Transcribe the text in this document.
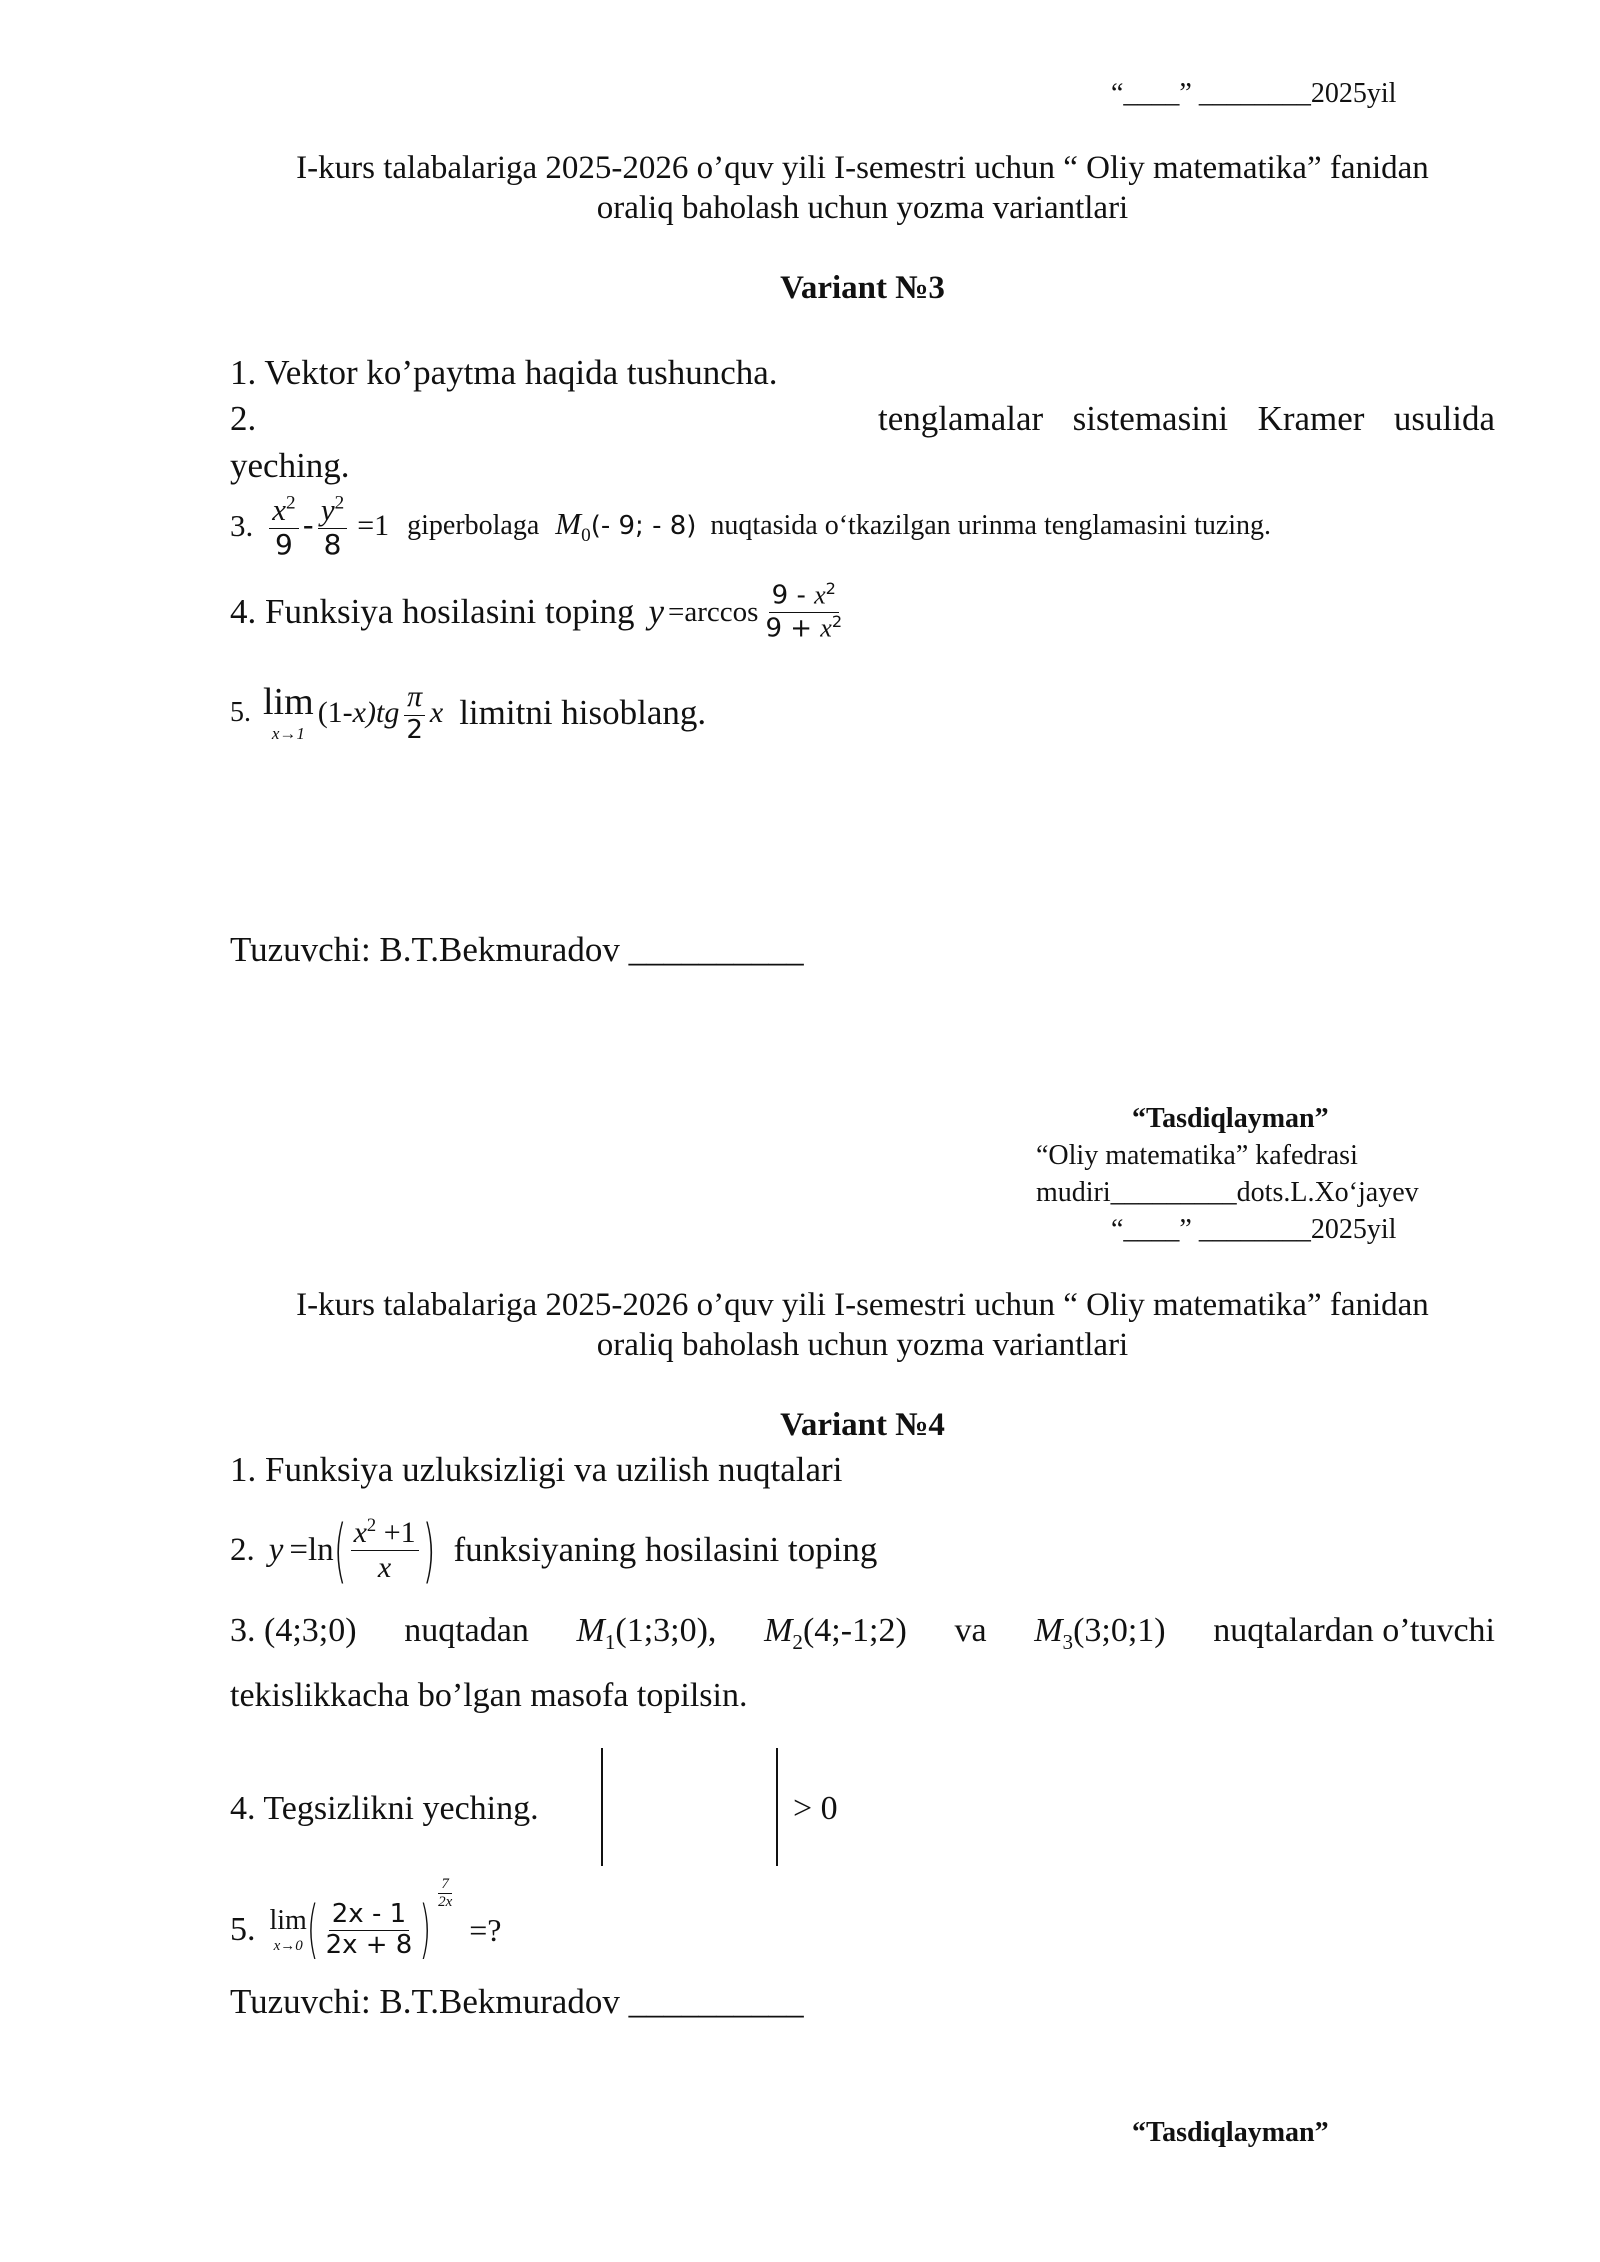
“____” ________2025yil
I-kurs talabalariga 2025-2026 o’quv yili I-semestri uchun “ Oliy matematika” fanidan
oraliq baholash uchun yozma variantlari
Variant №3
1. Vektor ko’paytma haqida tushuncha.
2.	tenglamalar sistemasini Kramer usulida
yeching.
3. $\frac{x^2}{9} - \frac{y^2}{8} =1$ giperbolaga $M_0$ (- 9; - 8) nuqtasida o‘tkazilgan urinma tenglamasini tuzing.
4. Funksiya hosilasini toping $y =\arccos \frac{9 - x^2}{9 + x^2}$
5. lim
x→1
(1- x )$tg \frac{\pi}{2}$ x limitni hisoblang.
Tuzuvchi: B.T.Bekmuradov __________
“Tasdiqlayman”
“Oliy matematika” kafedrasi
mudiri_________dots.L.Xo‘jayev
“____” ________2025yil
I-kurs talabalariga 2025-2026 o’quv yili I-semestri uchun “ Oliy matematika” fanidan
oraliq baholash uchun yozma variantlari
Variant №4
1. Funksiya uzluksizligi va uzilish nuqtalari
2. y =ln ( $\frac{x^2 +1}{x}$ ) funksiyaning hosilasini toping
3. (4;3;0) nuqtadan $M_1(1;3;0)$, $M_2(4;-1;2)$ va $M_3(3;0;1)$ nuqtalardan o’tuvchi
tekislikkacha bo’lgan masofa topilsin.
4. Tegsizlikni yeching.	> 0
5. lim
x→0 ( $\frac{2x - 1}{2x + 8}$ ) $\frac{7}{2x}$
=?
Tuzuvchi: B.T.Bekmuradov __________
“Tasdiqlayman”
